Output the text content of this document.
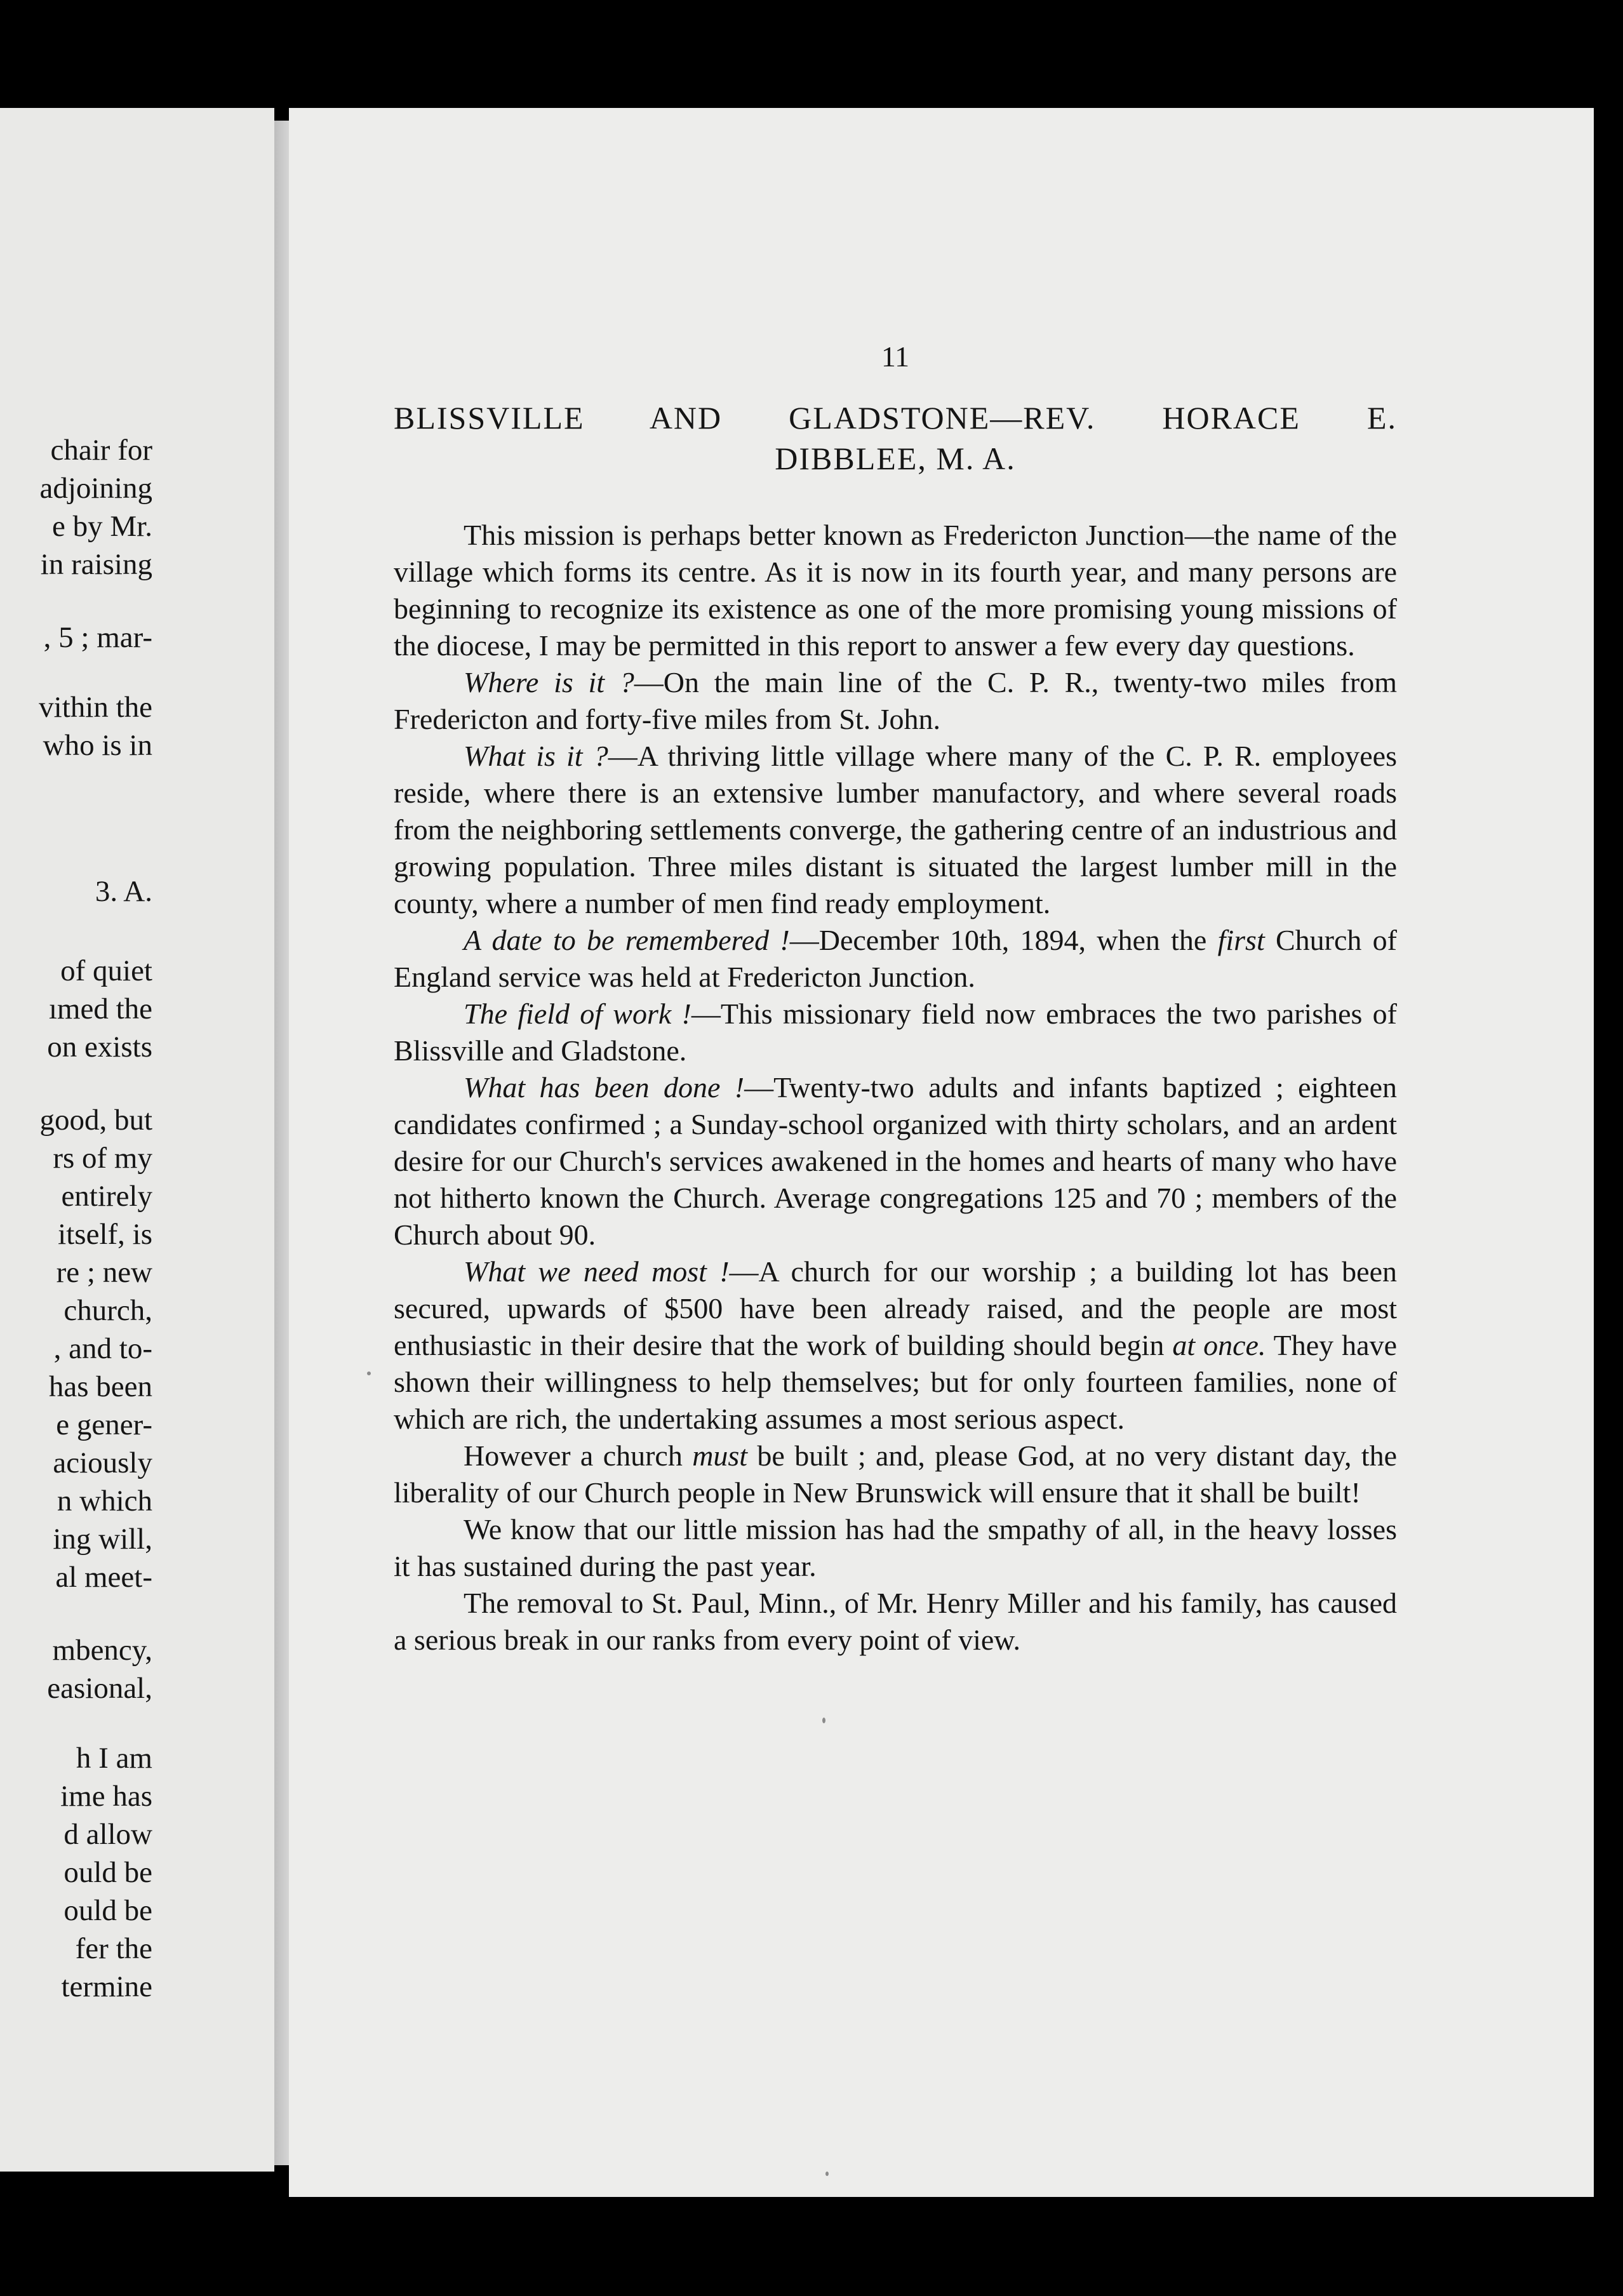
chair for
adjoining
e by Mr.
in raising
, 5 ; mar-
vithin the
who is in
3. A.
of quiet
ımed the
on exists
good, but
rs of my
entirely
itself, is
re ; new
church,
, and to-
has been
e gener-
aciously
n which
ing will,
al meet-
mbency,
easional,
h I am
ime has
d allow
ould be
ould be
fer the
termine
11
BLISSVILLE AND GLADSTONE—REV. HORACE E.
DIBBLEE, M. A.

This mission is perhaps better known as Fredericton Junction—the name of the village which forms its centre. As it is now in its fourth year, and many persons are beginning to recognize its existence as one of the more promising young missions of the diocese, I may be permitted in this report to answer a few every day questions.

Where is it ?—On the main line of the C. P. R., twenty-two miles from Fredericton and forty-five miles from St. John.

What is it ?—A thriving little village where many of the C. P. R. employees reside, where there is an extensive lumber manufactory, and where several roads from the neighboring settlements converge, the gathering centre of an industrious and growing population. Three miles distant is situated the largest lumber mill in the county, where a number of men find ready employment.

A date to be remembered !—December 10th, 1894, when the first Church of England service was held at Fredericton Junction.

The field of work !—This missionary field now embraces the two parishes of Blissville and Gladstone.

What has been done !—Twenty-two adults and infants baptized ; eighteen candidates confirmed ; a Sunday-school organized with thirty scholars, and an ardent desire for our Church's services awakened in the homes and hearts of many who have not hitherto known the Church. Average congregations 125 and 70 ; members of the Church about 90.

What we need most !—A church for our worship ; a building lot has been secured, upwards of $500 have been already raised, and the people are most enthusiastic in their desire that the work of building should begin at once. They have shown their willingness to help themselves; but for only fourteen families, none of which are rich, the undertaking assumes a most serious aspect.

However a church must be built ; and, please God, at no very distant day, the liberality of our Church people in New Brunswick will ensure that it shall be built!

We know that our little mission has had the smpathy of all, in the heavy losses it has sustained during the past year.

The removal to St. Paul, Minn., of Mr. Henry Miller and his family, has caused a serious break in our ranks from every point of view.
